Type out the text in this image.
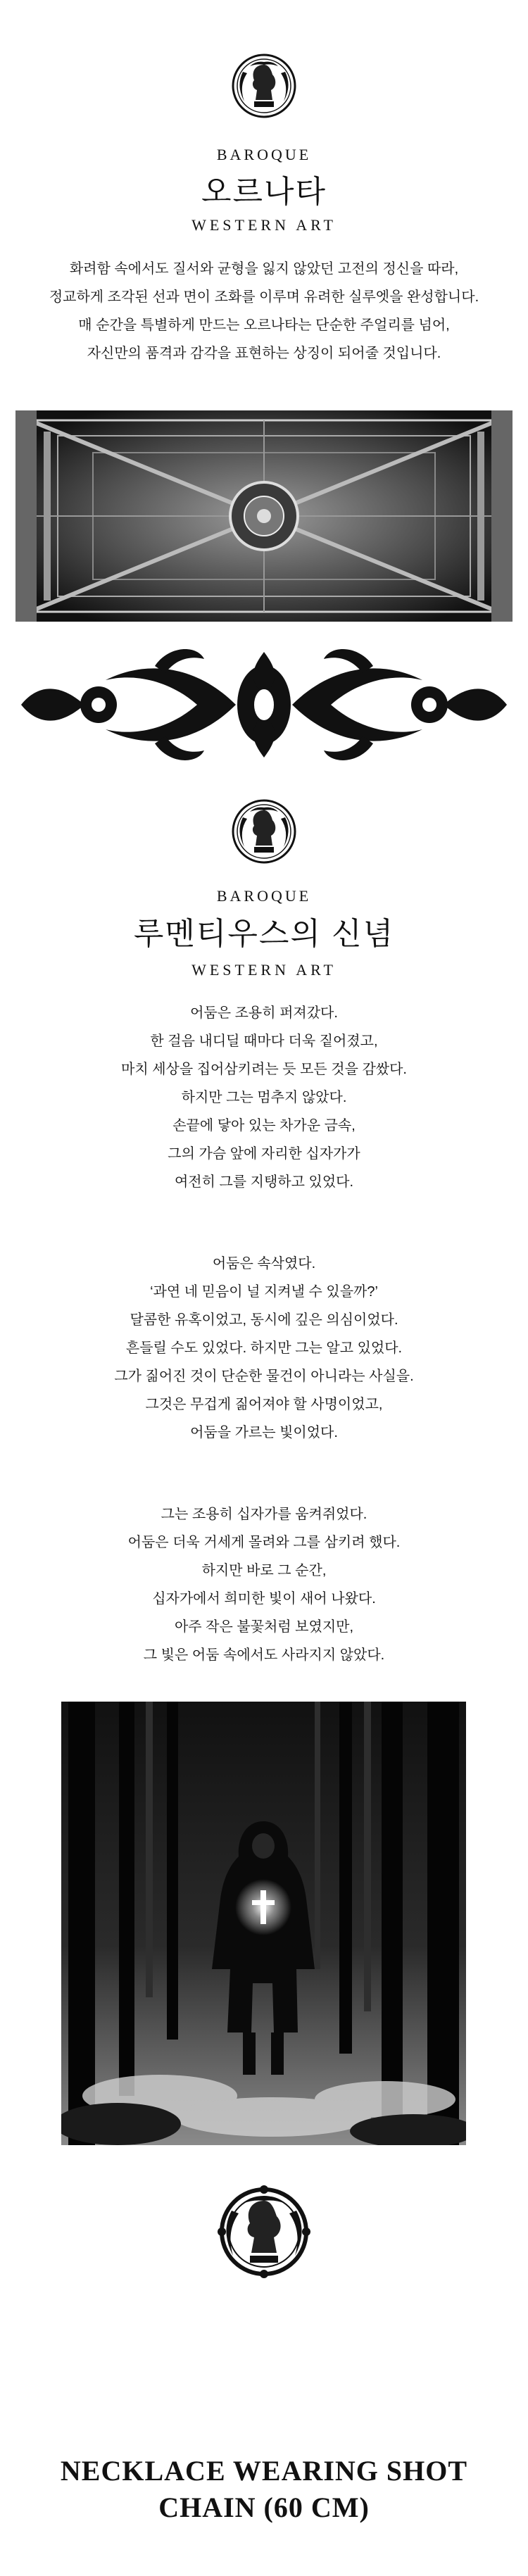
BAROQUE
오르나타
WESTERN ART

화려함 속에서도 질서와 균형을 잃지 않았던 고전의 정신을 따라,

정교하게 조각된 선과 면이 조화를 이루며 유려한 실루엣을 완성합니다.

매 순간을 특별하게 만드는 오르나타는 단순한 주얼리를 넘어,

자신만의 품격과 감각을 표현하는 상징이 되어줄 것입니다.

BAROQUE
루멘티우스의 신념
WESTERN ART

어둠은 조용히 퍼져갔다.

한 걸음 내디딜 때마다 더욱 짙어졌고,

마치 세상을 집어삼키려는 듯 모든 것을 감쌌다.

하지만 그는 멈추지 않았다.

손끝에 닿아 있는 차가운 금속,

그의 가슴 앞에 자리한 십자가가

여전히 그를 지탱하고 있었다.

어둠은 속삭였다.

‘과연 네 믿음이 널 지켜낼 수 있을까?’

달콤한 유혹이었고, 동시에 깊은 의심이었다.

흔들릴 수도 있었다. 하지만 그는 알고 있었다.

그가 짊어진 것이 단순한 물건이 아니라는 사실을.

그것은 무겁게 짊어져야 할 사명이었고,

어둠을 가르는 빛이었다.

그는 조용히 십자가를 움켜쥐었다.

어둠은 더욱 거세게 몰려와 그를 삼키려 했다.

하지만 바로 그 순간,

십자가에서 희미한 빛이 새어 나왔다.

아주 작은 불꽃처럼 보였지만,

그 빛은 어둠 속에서도 사라지지 않았다.

NECKLACE WEARING SHOT
CHAIN (60 CM)
